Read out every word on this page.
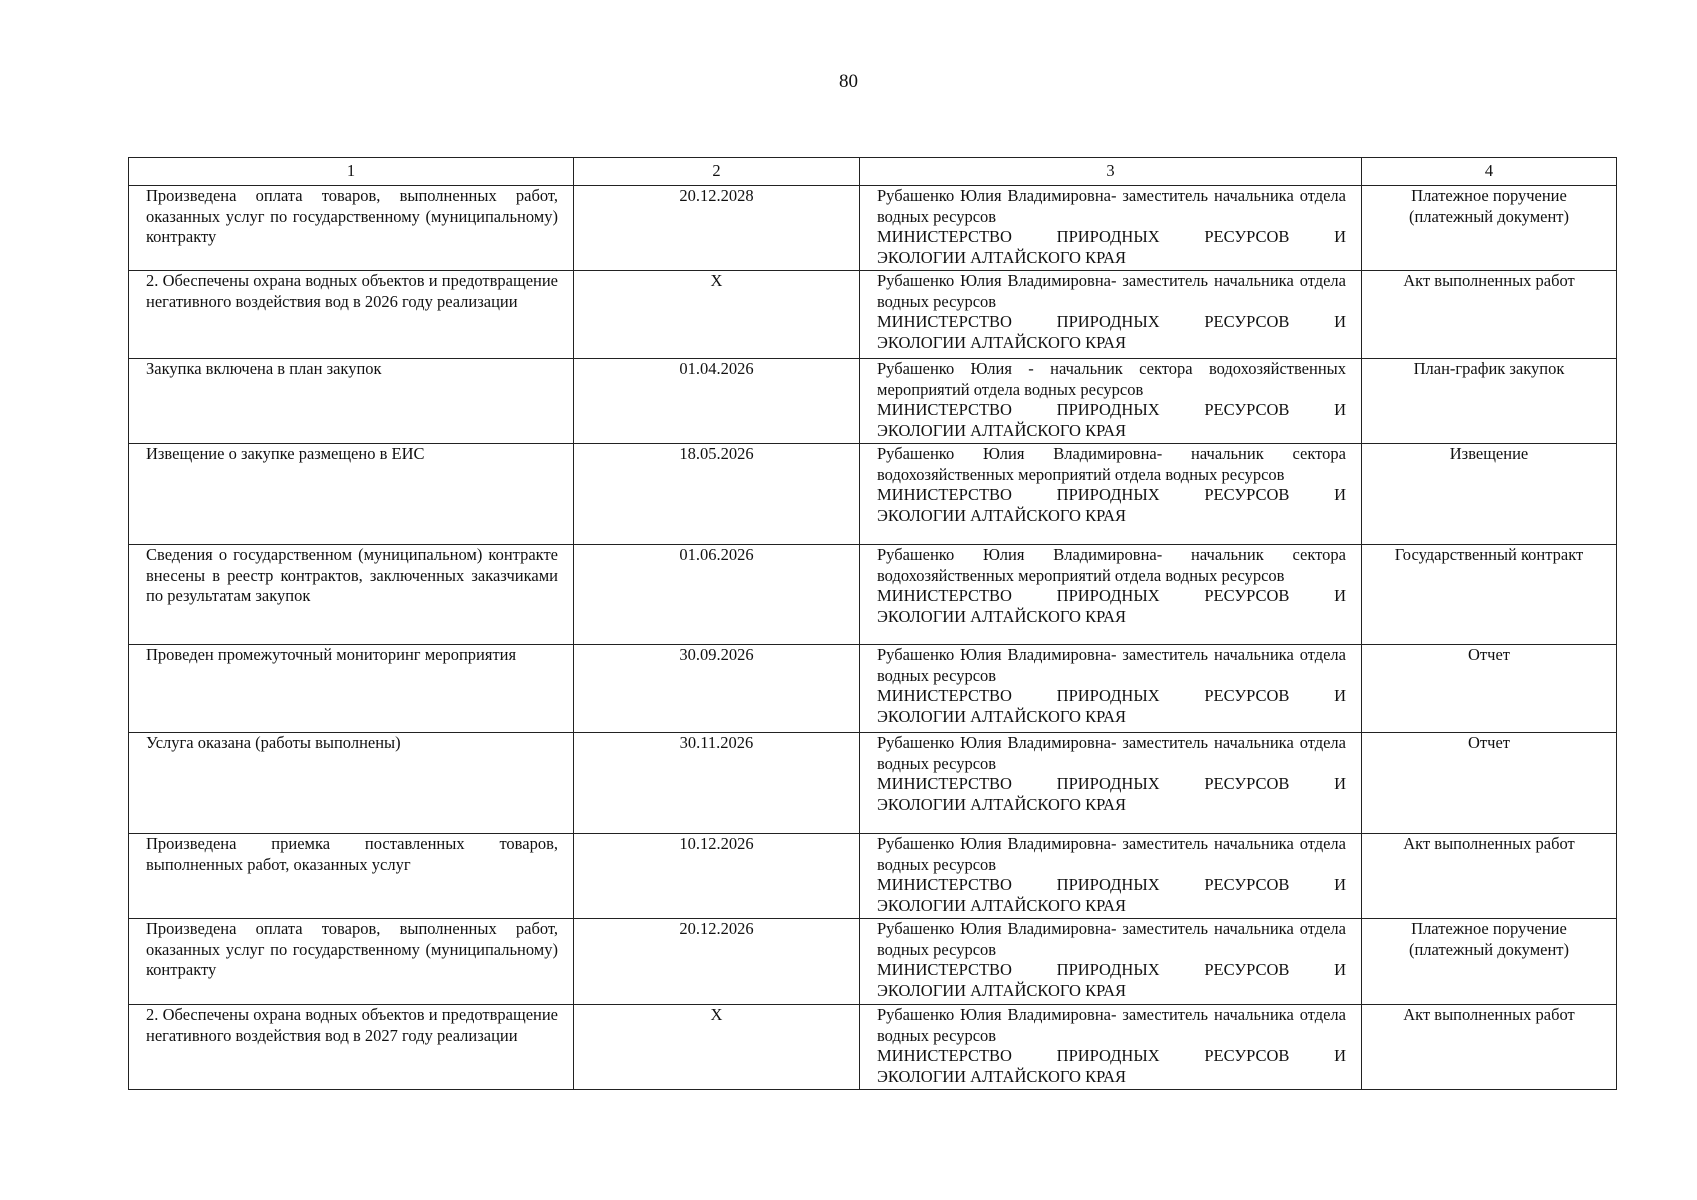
80
1	2	3	4
Произведена оплата товаров, выполненных работ, оказанных услуг по государственному (муниципальному) контракту	20.12.2028	Рубашенко Юлия Владимировна- заместитель начальника отдела водных ресурсов
МИНИСТЕРСТВО ПРИРОДНЫХ РЕСУРСОВ И
ЭКОЛОГИИ АЛТАЙСКОГО КРАЯ	Платежное поручение (платежный документ)
2. Обеспечены охрана водных объектов и предотвращение негативного воздействия вод в 2026 году реализации	X	Рубашенко Юлия Владимировна- заместитель начальника отдела водных ресурсов
МИНИСТЕРСТВО ПРИРОДНЫХ РЕСУРСОВ И
ЭКОЛОГИИ АЛТАЙСКОГО КРАЯ	Акт выполненных работ
Закупка включена в план закупок	01.04.2026	Рубашенко Юлия - начальник сектора водохозяйственных мероприятий отдела водных ресурсов
МИНИСТЕРСТВО ПРИРОДНЫХ РЕСУРСОВ И
ЭКОЛОГИИ АЛТАЙСКОГО КРАЯ	План-график закупок
Извещение о закупке размещено в ЕИС	18.05.2026	Рубашенко Юлия Владимировна- начальник сектора водохозяйственных мероприятий отдела водных ресурсов
МИНИСТЕРСТВО ПРИРОДНЫХ РЕСУРСОВ И
ЭКОЛОГИИ АЛТАЙСКОГО КРАЯ	Извещение
Сведения о государственном (муниципальном) контракте внесены в реестр контрактов, заключенных заказчиками по результатам закупок	01.06.2026	Рубашенко Юлия Владимировна- начальник сектора водохозяйственных мероприятий отдела водных ресурсов
МИНИСТЕРСТВО ПРИРОДНЫХ РЕСУРСОВ И
ЭКОЛОГИИ АЛТАЙСКОГО КРАЯ	Государственный контракт
Проведен промежуточный мониторинг мероприятия	30.09.2026	Рубашенко Юлия Владимировна- заместитель начальника отдела водных ресурсов
МИНИСТЕРСТВО ПРИРОДНЫХ РЕСУРСОВ И
ЭКОЛОГИИ АЛТАЙСКОГО КРАЯ	Отчет
Услуга оказана (работы выполнены)	30.11.2026	Рубашенко Юлия Владимировна- заместитель начальника отдела водных ресурсов
МИНИСТЕРСТВО ПРИРОДНЫХ РЕСУРСОВ И
ЭКОЛОГИИ АЛТАЙСКОГО КРАЯ	Отчет
Произведена приемка поставленных товаров, выполненных работ, оказанных услуг	10.12.2026	Рубашенко Юлия Владимировна- заместитель начальника отдела водных ресурсов
МИНИСТЕРСТВО ПРИРОДНЫХ РЕСУРСОВ И
ЭКОЛОГИИ АЛТАЙСКОГО КРАЯ	Акт выполненных работ
Произведена оплата товаров, выполненных работ, оказанных услуг по государственному (муниципальному) контракту	20.12.2026	Рубашенко Юлия Владимировна- заместитель начальника отдела водных ресурсов
МИНИСТЕРСТВО ПРИРОДНЫХ РЕСУРСОВ И
ЭКОЛОГИИ АЛТАЙСКОГО КРАЯ	Платежное поручение (платежный документ)
2. Обеспечены охрана водных объектов и предотвращение негативного воздействия вод в 2027 году реализации	X	Рубашенко Юлия Владимировна- заместитель начальника отдела водных ресурсов
МИНИСТЕРСТВО ПРИРОДНЫХ РЕСУРСОВ И
ЭКОЛОГИИ АЛТАЙСКОГО КРАЯ	Акт выполненных работ
